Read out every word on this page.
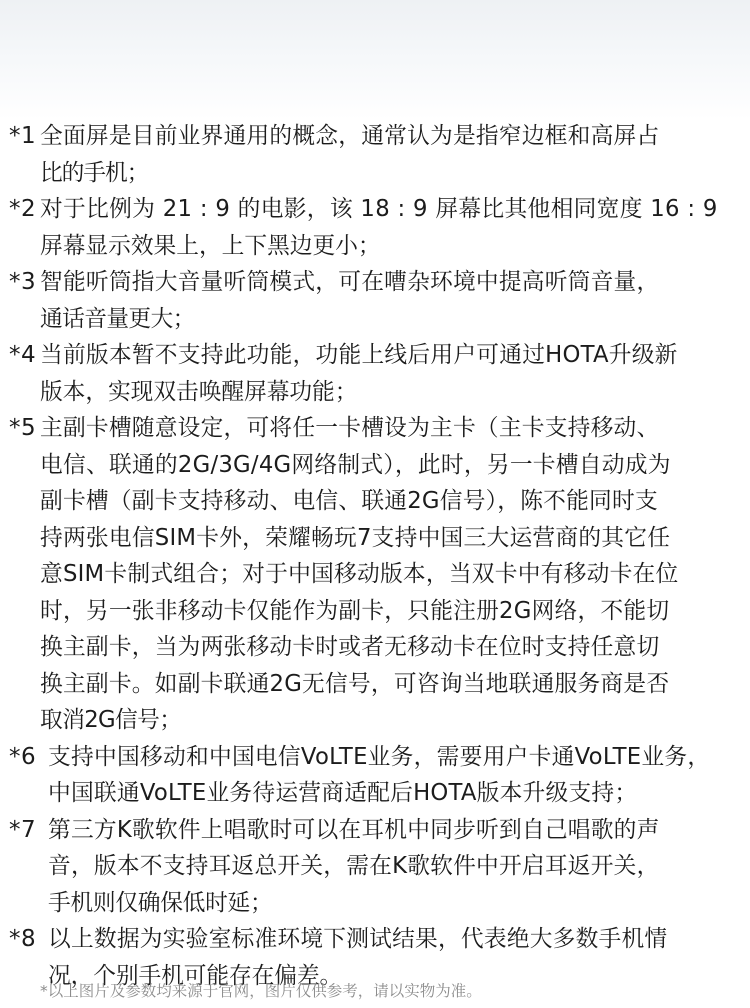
*1 全面屏是目前业界通用的概念，通常认为是指窄边框和高屏占
比的手机；
*2 对于比例为 21 : 9 的电影，该 18 : 9 屏幕比其他相同宽度 16 : 9
屏幕显示效果上，上下黑边更小；
*3 智能听筒指大音量听筒模式，可在嘈杂环境中提高听筒音量，
通话音量更大；
*4 当前版本暂不支持此功能，功能上线后用户可通过HOTA升级新
版本，实现双击唤醒屏幕功能；
*5 主副卡槽随意设定，可将任一卡槽设为主卡（主卡支持移动、
电信、联通的2G/3G/4G网络制式），此时，另一卡槽自动成为
副卡槽（副卡支持移动、电信、联通2G信号），陈不能同时支
持两张电信SIM卡外，荣耀畅玩7支持中国三大运营商的其它任
意SIM卡制式组合；对于中国移动版本，当双卡中有移动卡在位
时，另一张非移动卡仅能作为副卡，只能注册2G网络，不能切
换主副卡，当为两张移动卡时或者无移动卡在位时支持任意切
换主副卡。如副卡联通2G无信号，可咨询当地联通服务商是否
取消2G信号；
*6 支持中国移动和中国电信VoLTE业务，需要用户卡通VoLTE业务，
中国联通VoLTE业务待运营商适配后HOTA版本升级支持；
*7 第三方K歌软件上唱歌时可以在耳机中同步听到自己唱歌的声
音，版本不支持耳返总开关，需在K歌软件中开启耳返开关，
手机则仅确保低时延；
*8 以上数据为实验室标准环境下测试结果，代表绝大多数手机情
况，个别手机可能存在偏差。
*以上图片及参数均来源于官网，图片仅供参考，请以实物为准。
